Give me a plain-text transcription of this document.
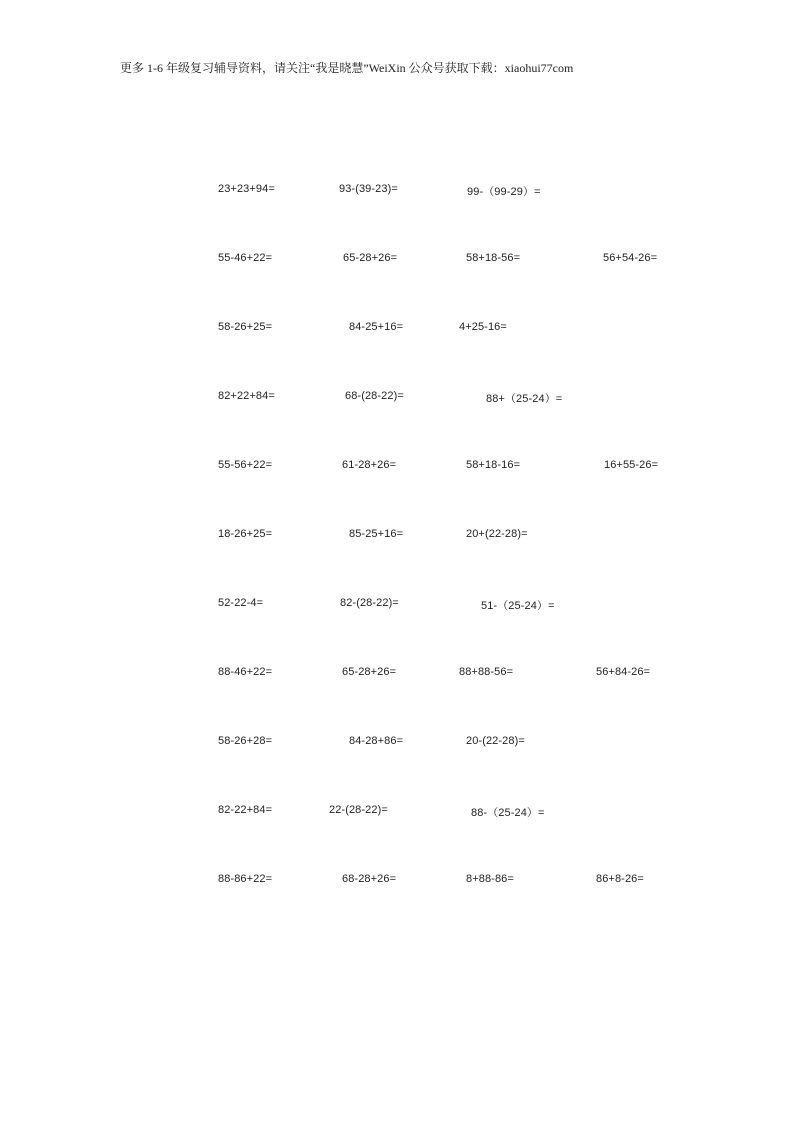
更多 1-6 年级复习辅导资料，请关注“我是晓慧”WeiXin 公众号获取下载：xiaohui77com
23+23+94=	93-(39-23)=	99-（99-29）=
55-46+22=	65-28+26=	58+18-56=	56+54-26=
58-26+25=	84-25+16=	4+25-16=
82+22+84=	68-(28-22)=	88+（25-24）=
55-56+22=	61-28+26=	58+18-16=	16+55-26=
18-26+25=	85-25+16=	20+(22-28)=
52-22-4=	82-(28-22)=	51-（25-24）=
88-46+22=	65-28+26=	88+88-56=	56+84-26=
58-26+28=	84-28+86=	20-(22-28)=
82-22+84=	22-(28-22)=	88-（25-24）=
88-86+22=	68-28+26=	8+88-86=	86+8-26=
